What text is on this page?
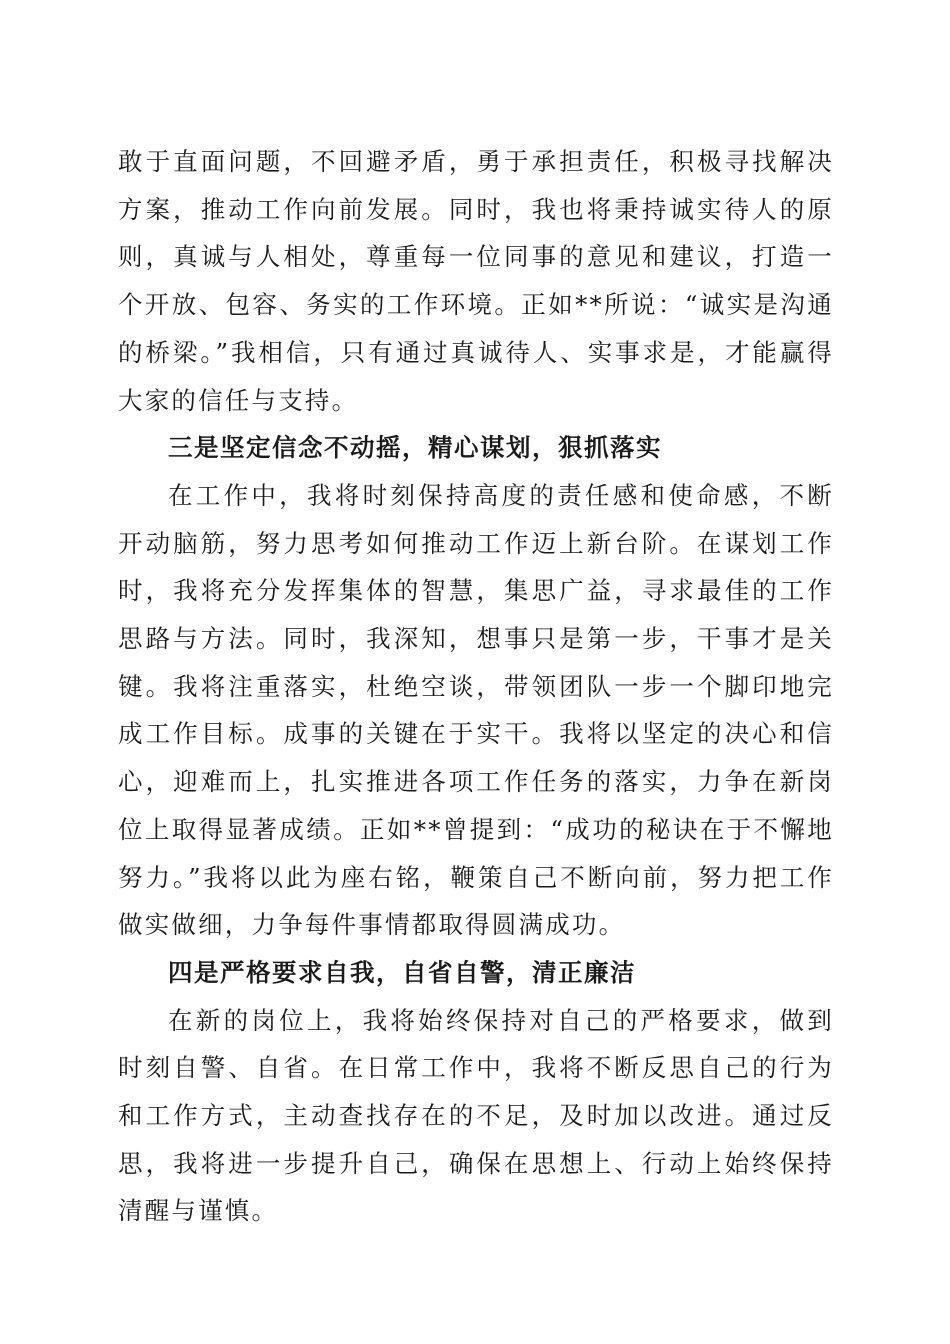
敢于直面问题，不回避矛盾，勇于承担责任，积极寻找解决方案，推动工作向前发展。同时，我也将秉持诚实待人的原则，真诚与人相处，尊重每一位同事的意见和建议，打造一个开放、包容、务实的工作环境。正如**所说：“诚实是沟通的桥梁。”我相信，只有通过真诚待人、实事求是，才能赢得大家的信任与支持。

三是坚定信念不动摇，精心谋划，狠抓落实

在工作中，我将时刻保持高度的责任感和使命感，不断开动脑筋，努力思考如何推动工作迈上新台阶。在谋划工作时，我将充分发挥集体的智慧，集思广益，寻求最佳的工作思路与方法。同时，我深知，想事只是第一步，干事才是关键。我将注重落实，杜绝空谈，带领团队一步一个脚印地完成工作目标。成事的关键在于实干。我将以坚定的决心和信心，迎难而上，扎实推进各项工作任务的落实，力争在新岗位上取得显著成绩。正如**曾提到：“成功的秘诀在于不懈地努力。”我将以此为座右铭，鞭策自己不断向前，努力把工作做实做细，力争每件事情都取得圆满成功。

四是严格要求自我，自省自警，清正廉洁

在新的岗位上，我将始终保持对自己的严格要求，做到时刻自警、自省。在日常工作中，我将不断反思自己的行为和工作方式，主动查找存在的不足，及时加以改进。通过反思，我将进一步提升自己，确保在思想上、行动上始终保持清醒与谨慎。
